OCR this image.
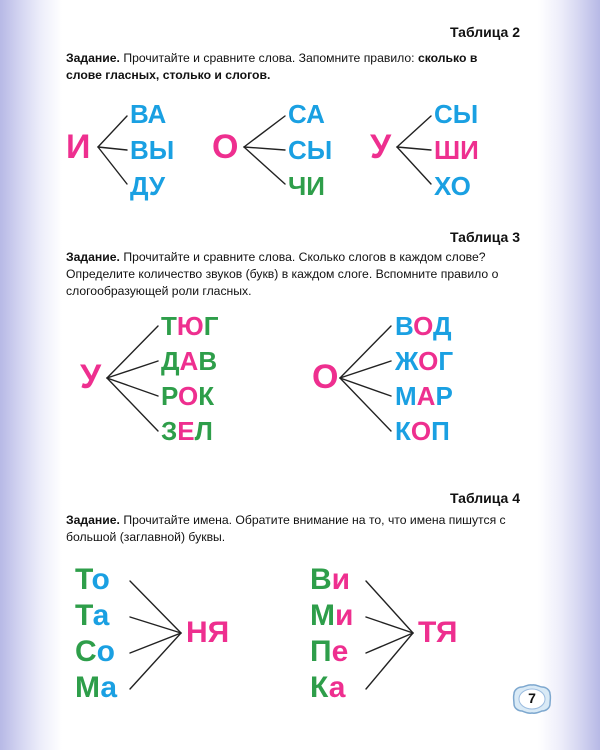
Таблица 2
Задание. Прочитайте и сравните слова. Запомните правило: сколько в слове гласных, столько и слогов.
И
ВА
ВЫ
ДУ
О
СА
СЫ
ЧИ
У
СЫ
ШИ
ХО
Таблица 3
Задание. Прочитайте и сравните слова. Сколько слогов в каждом слове? Определите количество звуков (букв) в каждом слоге. Вспомните правило о слогообразующей роли гласных.
У
ТЮГ
ДАВ
РОК
ЗЕЛ
О
ВОД
ЖОГ
МАР
КОП
Таблица 4
Задание. Прочитайте имена. Обратите внимание на то, что имена пишутся с большой (заглавной) буквы.
То
Та
Со
Ма
НЯ
Ви
Ми
Пе
Ка
ТЯ
7
